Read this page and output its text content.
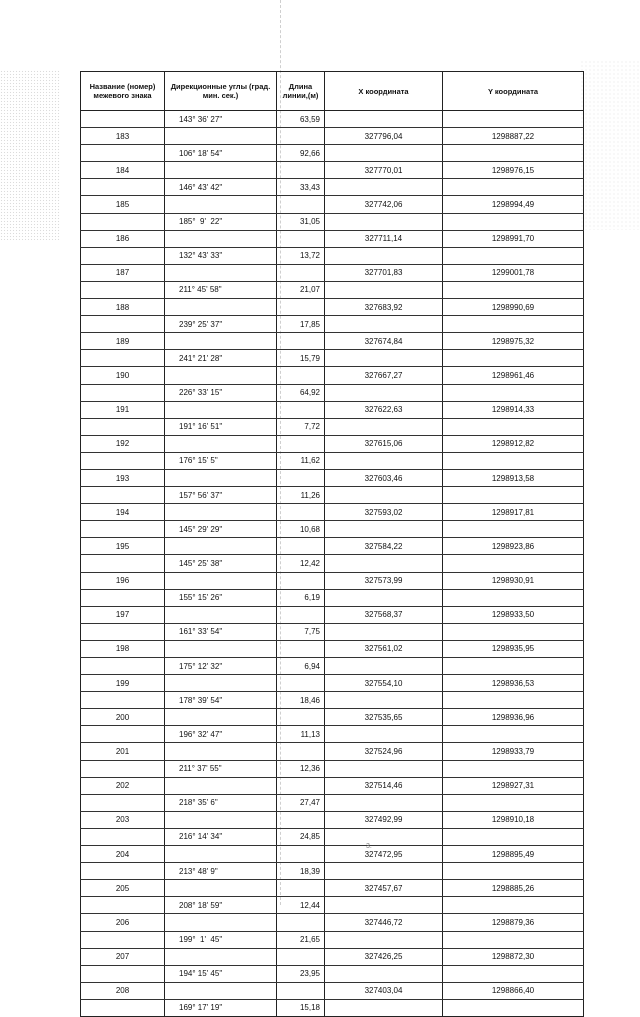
Название (номер) межевого знака	Дирекционные углы (град. мин. сек.)	Длина линии,(м)	X координата	Y координата
	143° 36' 27"	63,59		
183			327796,04	1298887,22
	106° 18' 54"	92,66		
184			327770,01	1298976,15
	146° 43' 42"	33,43		
185			327742,06	1298994,49
	185°  9'  22"	31,05		
186			327711,14	1298991,70
	132° 43' 33"	13,72		
187			327701,83	1299001,78
	211° 45' 58"	21,07		
188			327683,92	1298990,69
	239° 25' 37"	17,85		
189			327674,84	1298975,32
	241° 21' 28"	15,79		
190			327667,27	1298961,46
	226° 33' 15"	64,92		
191			327622,63	1298914,33
	191° 16' 51"	7,72		
192			327615,06	1298912,82
	176° 15' 5"	11,62		
193			327603,46	1298913,58
	157° 56' 37"	11,26		
194			327593,02	1298917,81
	145° 29' 29"	10,68		
195			327584,22	1298923,86
	145° 25' 38"	12,42		
196			327573,99	1298930,91
	155° 15' 26"	6,19		
197			327568,37	1298933,50
	161° 33' 54"	7,75		
198			327561,02	1298935,95
	175° 12' 32"	6,94		
199			327554,10	1298936,53
	178° 39' 54"	18,46		
200			327535,65	1298936,96
	196° 32' 47"	11,13		
201			327524,96	1298933,79
	211° 37' 55"	12,36		
202			327514,46	1298927,31
	218° 35' 6"	27,47		
203			327492,99	1298910,18
	216° 14' 34"	24,85		
204			327472,95	1298895,49
	213° 48' 9"	18,39		
205			327457,67	1298885,26
	208° 18' 59"	12,44		
206			327446,72	1298879,36
	199°  1'  45"	21,65		
207			327426,25	1298872,30
	194° 15' 45"	23,95		
208			327403,04	1298866,40
	169° 17' 19"	15,18		
3.
